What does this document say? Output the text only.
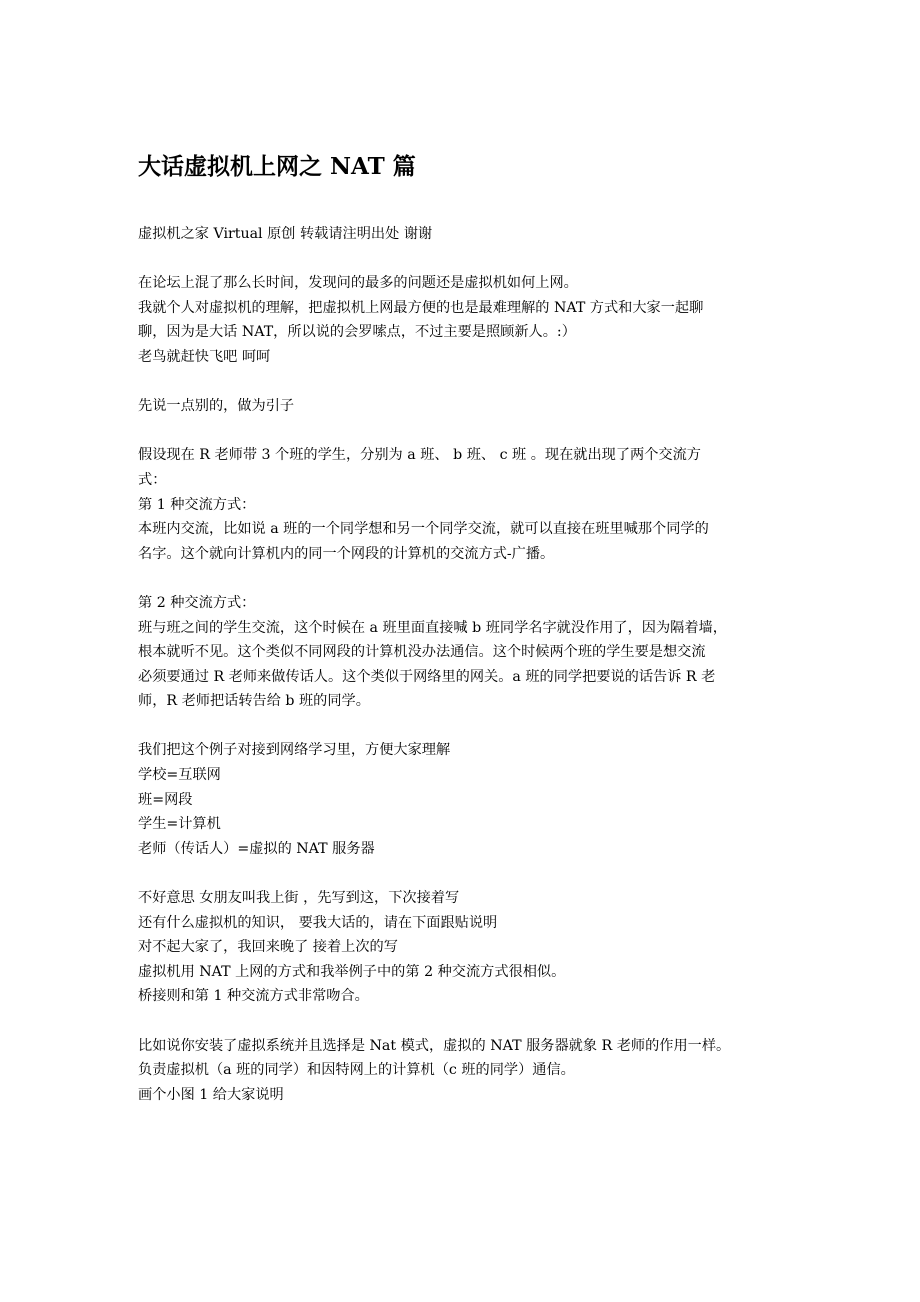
大话虚拟机上网之 NAT 篇

虚拟机之家 Virtual 原创 转载请注明出处 谢谢

在论坛上混了那么长时间，发现问的最多的问题还是虚拟机如何上网。

我就个人对虚拟机的理解，把虚拟机上网最方便的也是最难理解的 NAT 方式和大家一起聊

聊，因为是大话 NAT，所以说的会罗嗦点，不过主要是照顾新人。:）

老鸟就赶快飞吧 呵呵

先说一点别的，做为引子

假设现在 R 老师带 3 个班的学生，分别为 a 班、 b 班、 c 班 。现在就出现了两个交流方

式：

第 1 种交流方式：

本班内交流，比如说 a 班的一个同学想和另一个同学交流，就可以直接在班里喊那个同学的

名字。这个就向计算机内的同一个网段的计算机的交流方式-广播。

第 2 种交流方式：

班与班之间的学生交流，这个时候在 a 班里面直接喊 b 班同学名字就没作用了，因为隔着墙，

根本就听不见。这个类似不同网段的计算机没办法通信。这个时候两个班的学生要是想交流

必须要通过 R 老师来做传话人。这个类似于网络里的网关。a 班的同学把要说的话告诉 R 老

师，R 老师把话转告给 b 班的同学。

我们把这个例子对接到网络学习里，方便大家理解

学校=互联网

班=网段

学生=计算机

老师（传话人）=虚拟的 NAT 服务器

不好意思 女朋友叫我上街 ，先写到这，下次接着写

还有什么虚拟机的知识， 要我大话的，请在下面跟贴说明

对不起大家了，我回来晚了 接着上次的写

虚拟机用 NAT 上网的方式和我举例子中的第 2 种交流方式很相似。

桥接则和第 1 种交流方式非常吻合。

比如说你安装了虚拟系统并且选择是 Nat 模式，虚拟的 NAT 服务器就象 R 老师的作用一样。

负责虚拟机（a 班的同学）和因特网上的计算机（c 班的同学）通信。

画个小图 1 给大家说明
